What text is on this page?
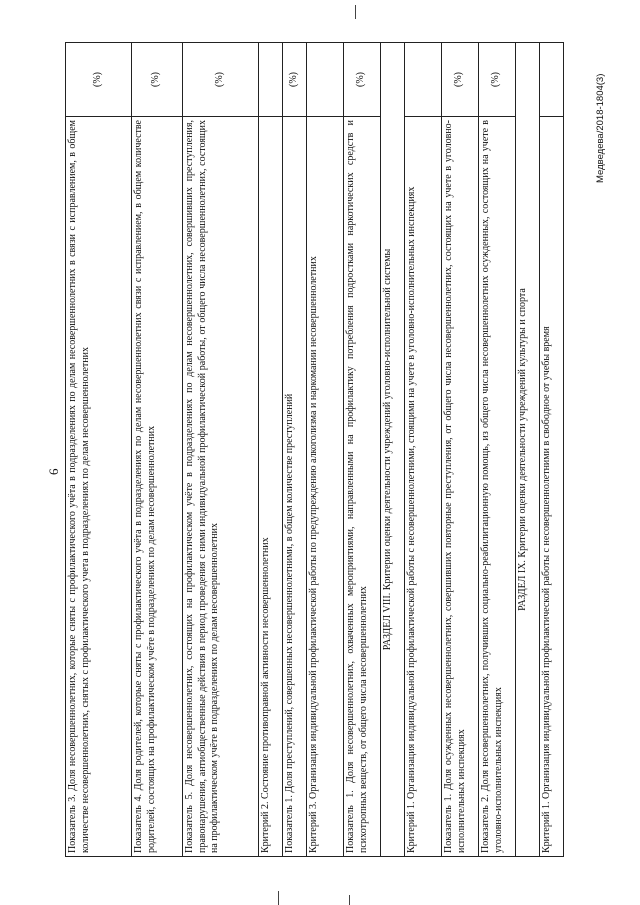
6 Показатель 3. Доля несовершеннолетних, которые сняты с профилактического учёта в подразделениях по делам несовершеннолетних в связи с исправлением, в общем количестве несовершеннолетних, снятых с профилактического учета в подразделениях по делам несовершеннолетних	(%)
Показатель 4. Доля родителей, которые сняты с профилактического учёта в подразделениях по делам несовершеннолетних связи с исправлением, в общем количестве родителей, состоящих на профилактическом учёте в подразделениях по делам несовершеннолетних	(%)
Показатель 5. Доля несовершеннолетних, состоящих на профилактическом учёте в подразделениях по делам несовершеннолетних, совершивших преступления, правонарушения, антиобщественные действия в период проведения с ними индивидуальной профилактической работы, от общего числа несовершеннолетних, состоящих на профилактическом учёте в подразделениях по делам несовершеннолетних	(%)
Критерий 2. Состояние противоправной активности несовершеннолетних	
Показатель 1. Доля преступлений, совершенных несовершеннолетними, в общем количестве преступлений	(%)
Критерий 3. Организация индивидуальной профилактической работы по предупреждению алкоголизма и наркомании несовершеннолетних	
Показатель 1. Доля несовершеннолетних, охваченных мероприятиями, направленными на профилактику потребления подростками наркотических средств и психотропных веществ, от общего числа несовершеннолетних	(%)
РАЗДЕЛ VIII. Критерии оценки деятельности учреждений уголовно-исполнительной системы	
Критерий 1. Организация индивидуальной профилактической работы с несовершеннолетними, стоящими на учете в уголовно-исполнительных инспекциях	
Показатель 1. Доля осужденных несовершеннолетних, совершивших повторные преступления, от общего числа несовершеннолетних, состоящих на учете в уголовно-исполнительных инспекциях	(%)
Показатель 2. Доля несовершеннолетних, получивших социально-реабилитационную помощь, из общего числа несовершеннолетних осужденных, состоящих на учете в уголовно-исполнительных инспекциях	(%)
РАЗДЕЛ IX. Критерии оценки деятельности учреждений культуры и спорта	
Критерий 1. Организация индивидуальной профилактической работы с несовершеннолетними в свободное от учебы время	
Медведева/2018-1804(3)
